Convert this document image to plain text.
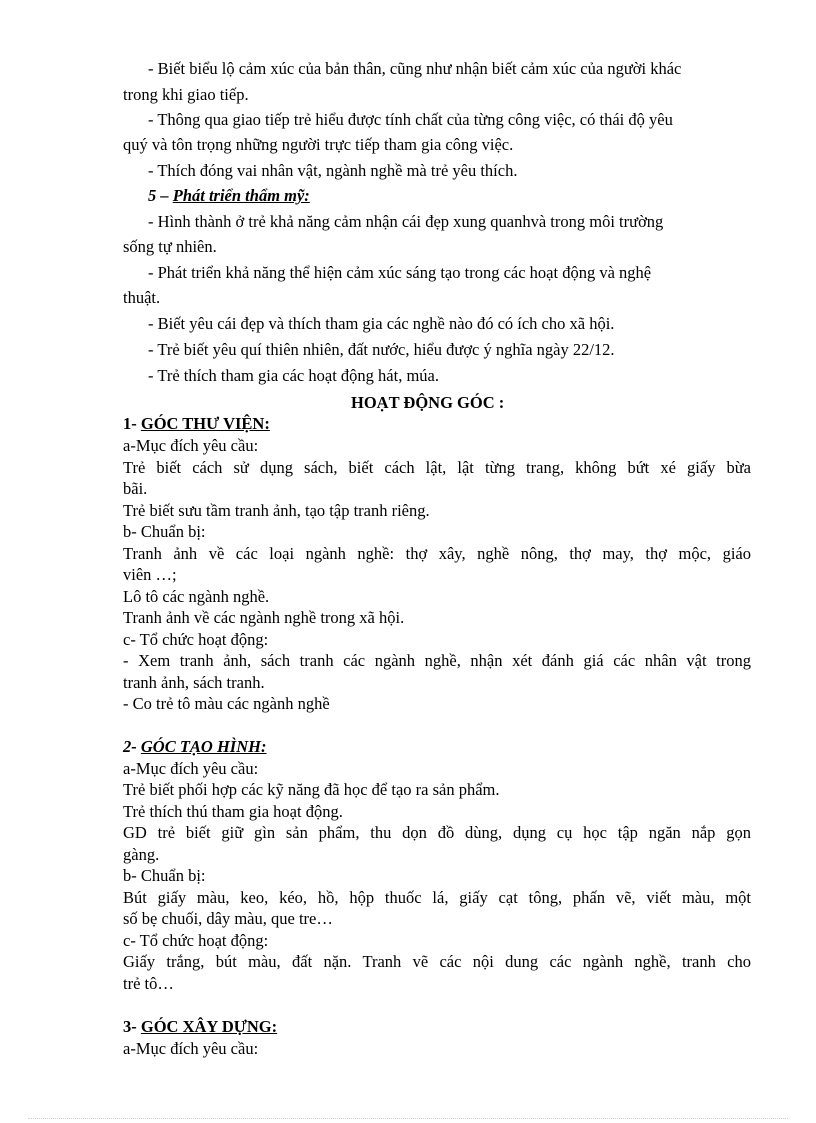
- Biết biểu lộ cảm xúc của bản thân, cũng như nhận biết cảm xúc của người khác
trong khi giao tiếp.
- Thông qua giao tiếp trẻ hiểu được tính chất của từng công việc, có thái độ yêu
quý và tôn trọng những người trực tiếp tham gia công việc.
- Thích đóng vai nhân vật, ngành nghề mà trẻ yêu thích.
5 – Phát triển thẩm mỹ:
- Hình thành ở trẻ khả năng cảm nhận cái đẹp xung quanhvà trong môi trường
sống tự nhiên.
- Phát triển khả năng thể hiện cảm xúc sáng tạo trong các hoạt động và nghệ
thuật.
- Biết yêu cái đẹp và thích tham gia các nghề nào đó có ích cho xã hội.
- Trẻ biết yêu quí thiên nhiên, đất nước, hiểu được ý nghĩa ngày 22/12.
- Trẻ thích tham gia các hoạt động hát, múa.
HOẠT ĐỘNG GÓC :
1- GÓC THƯ VIỆN:
a-Mục đích yêu cầu:
Trẻ biết cách sử dụng sách, biết cách lật, lật từng trang, không bứt xé giấy bừa
bãi.
Trẻ biết sưu tầm tranh ảnh, tạo tập tranh riêng.
b- Chuẩn bị:
Tranh ảnh về các loại ngành nghề: thợ xây, nghề nông, thợ may, thợ mộc, giáo
viên …;
Lô tô các ngành nghề.
Tranh ảnh về các ngành nghề trong xã hội.
c- Tổ chức hoạt động:
- Xem tranh ảnh, sách tranh các ngành nghề, nhận xét đánh giá các nhân vật trong
tranh ảnh, sách tranh.
- Co trẻ tô màu các ngành nghề
2- GÓC TẠO HÌNH:
a-Mục đích yêu cầu:
Trẻ biết phối hợp các kỹ năng đã học để tạo ra sản phẩm.
Trẻ thích thú tham gia hoạt động.
GD trẻ biết giữ gìn sản phẩm, thu dọn đồ dùng, dụng cụ học tập ngăn nắp gọn
gàng.
b- Chuẩn bị:
Bút giấy màu, keo, kéo, hồ, hộp thuốc lá, giấy cạt tông, phấn vẽ, viết màu, một
số bẹ chuối, dây màu, que tre…
c- Tổ chức hoạt động:
Giấy trắng, bút màu, đất nặn. Tranh vẽ các nội dung các ngành nghề, tranh cho
trẻ tô…
3- GÓC XÂY DỰNG:
a-Mục đích yêu cầu:
